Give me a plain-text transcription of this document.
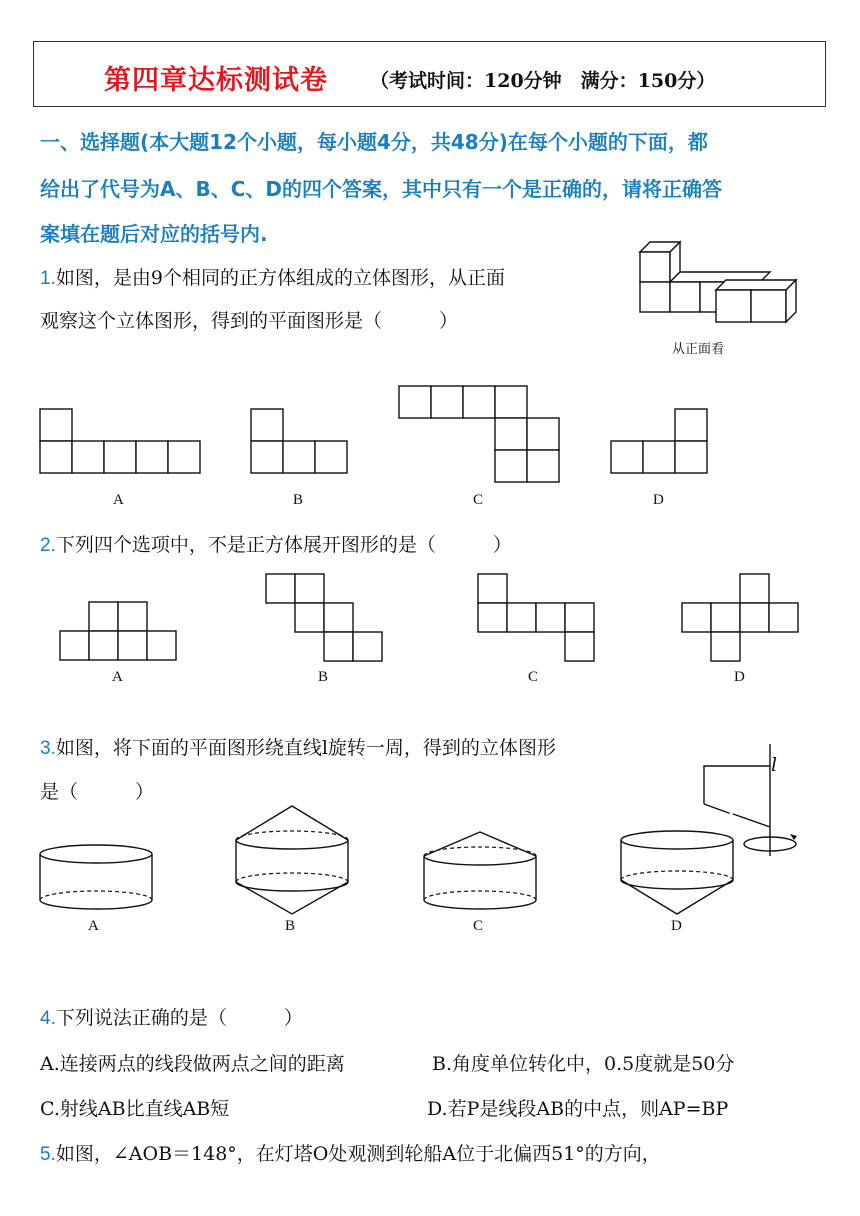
第四章达标测试卷 （考试时间：120分钟　满分：150分）
一、选择题(本大题12个小题，每小题4分，共48分)在每个小题的下面，都
给出了代号为A、B、C、D的四个答案，其中只有一个是正确的，请将正确答
案填在题后对应的括号内.
1.如图，是由9个相同的正方体组成的立体图形，从正面
观察这个立体图形，得到的平面图形是（　　　）
从正面看
A	B	C	D
2.下列四个选项中，不是正方体展开图形的是（　　　）
A	B	C	D
3.如图，将下面的平面图形绕直线l旋转一周，得到的立体图形
是（　　　）
l
A	B	C	D
4.下列说法正确的是（　　　）
A.连接两点的线段做两点之间的距离	B.角度单位转化中，0.5度就是50分
C.射线AB比直线AB短	D.若P是线段AB的中点，则AP=BP
5.如图，∠AOB＝148°，在灯塔O处观测到轮船A位于北偏西51°的方向，
